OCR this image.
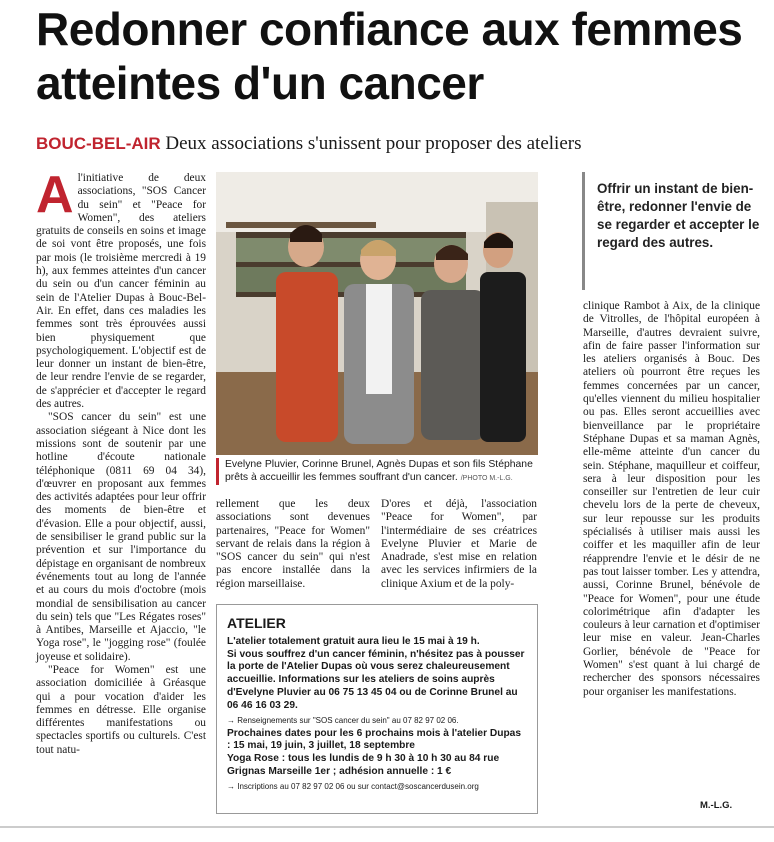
Redonner confiance aux femmes atteintes d'un cancer
BOUC-BEL-AIR Deux associations s'unissent pour proposer des ateliers
A l'initiative de deux associations, "SOS Cancer du sein" et "Peace for Women", des ateliers gratuits de conseils en soins et image de soi vont être proposés, une fois par mois (le troisième mercredi à 19 h), aux femmes atteintes d'un cancer du sein ou d'un cancer féminin au sein de l'Atelier Dupas à Bouc-Bel-Air. En effet, dans ces maladies les femmes sont très éprouvées aussi bien physiquement que psychologiquement. L'objectif est de leur donner un instant de bien-être, de leur rendre l'envie de se regarder, de s'apprécier et d'accepter le regard des autres.

"SOS cancer du sein" est une association siégeant à Nice dont les missions sont de soutenir par une hotline d'écoute nationale téléphonique (0811 69 04 34), d'œuvrer en proposant aux femmes des activités adaptées pour leur offrir des moments de bien-être et d'évasion. Elle a pour objectif, aussi, de sensibiliser le grand public sur la prévention et sur l'importance du dépistage en organisant de nombreux événements tout au long de l'année et au cours du mois d'octobre (mois mondial de sensibilisation au cancer du sein) tels que "Les Régates roses" à Antibes, Marseille et Ajaccio, "le Yoga rose", le "jogging rose" (foulée joyeuse et solidaire).

"Peace for Women" est une association domiciliée à Gréasque qui a pour vocation d'aider les femmes en détresse. Elle organise différentes manifestations ou spectacles sportifs ou culturels. C'est tout natu-

Evelyne Pluvier, Corinne Brunel, Agnès Dupas et son fils Stéphane prêts à accueillir les femmes souffrant d'un cancer. /PHOTO M.-L.G.
Offrir un instant de bien-être, redonner l'envie de se regarder et accepter le regard des autres.

rellement que les deux associations sont devenues partenaires, "Peace for Women" servant de relais dans la région à "SOS cancer du sein" qui n'est pas encore installée dans la région marseillaise.

D'ores et déjà, l'association "Peace for Women", par l'intermédiaire de ses créatrices Evelyne Pluvier et Marie de Anadrade, s'est mise en relation avec les services infirmiers de la clinique Axium et de la poly-

clinique Rambot à Aix, de la clinique de Vitrolles, de l'hôpital européen à Marseille, d'autres devraient suivre, afin de faire passer l'information sur les ateliers organisés à Bouc. Des ateliers où pourront être reçues les femmes concernées par un cancer, qu'elles viennent du milieu hospitalier ou pas. Elles seront accueillies avec bienveillance par le propriétaire Stéphane Dupas et sa maman Agnès, elle-même atteinte d'un cancer du sein. Stéphane, maquilleur et coiffeur, sera à leur disposition pour les conseiller sur l'entretien de leur cuir chevelu lors de la perte de cheveux, sur leur repousse sur les produits spécialisés à utiliser mais aussi les coiffer et les maquiller afin de leur réapprendre l'envie et le désir de ne pas tout laisser tomber. Les y attendra, aussi, Corinne Brunel, bénévole de "Peace for Women", pour une étude colorimétrique afin d'adapter les couleurs à leur carnation et d'optimiser leur mise en valeur. Jean-Charles Gorlier, bénévole de "Peace for Women" s'est quant à lui chargé de rechercher des sponsors nécessaires pour organiser les manifestations.

M.-L.G.
ATELIER

L'atelier totalement gratuit aura lieu le 15 mai à 19 h.

Si vous souffrez d'un cancer féminin, n'hésitez pas à pousser la porte de l'Atelier Dupas où vous serez chaleureusement accueillie. Informations sur les ateliers de soins auprès d'Evelyne Pluvier au 06 75 13 45 04 ou de Corinne Brunel au 06 46 16 03 29.

→ Renseignements sur "SOS cancer du sein" au 07 82 97 02 06.

Prochaines dates pour les 6 prochains mois à l'atelier Dupas : 15 mai, 19 juin, 3 juillet, 18 septembre

Yoga Rose : tous les lundis de 9 h 30 à 10 h 30 au 84 rue Grignas Marseille 1er ; adhésion annuelle : 1 €

→ Inscriptions au 07 82 97 02 06 ou sur contact@soscancerdusein.org
